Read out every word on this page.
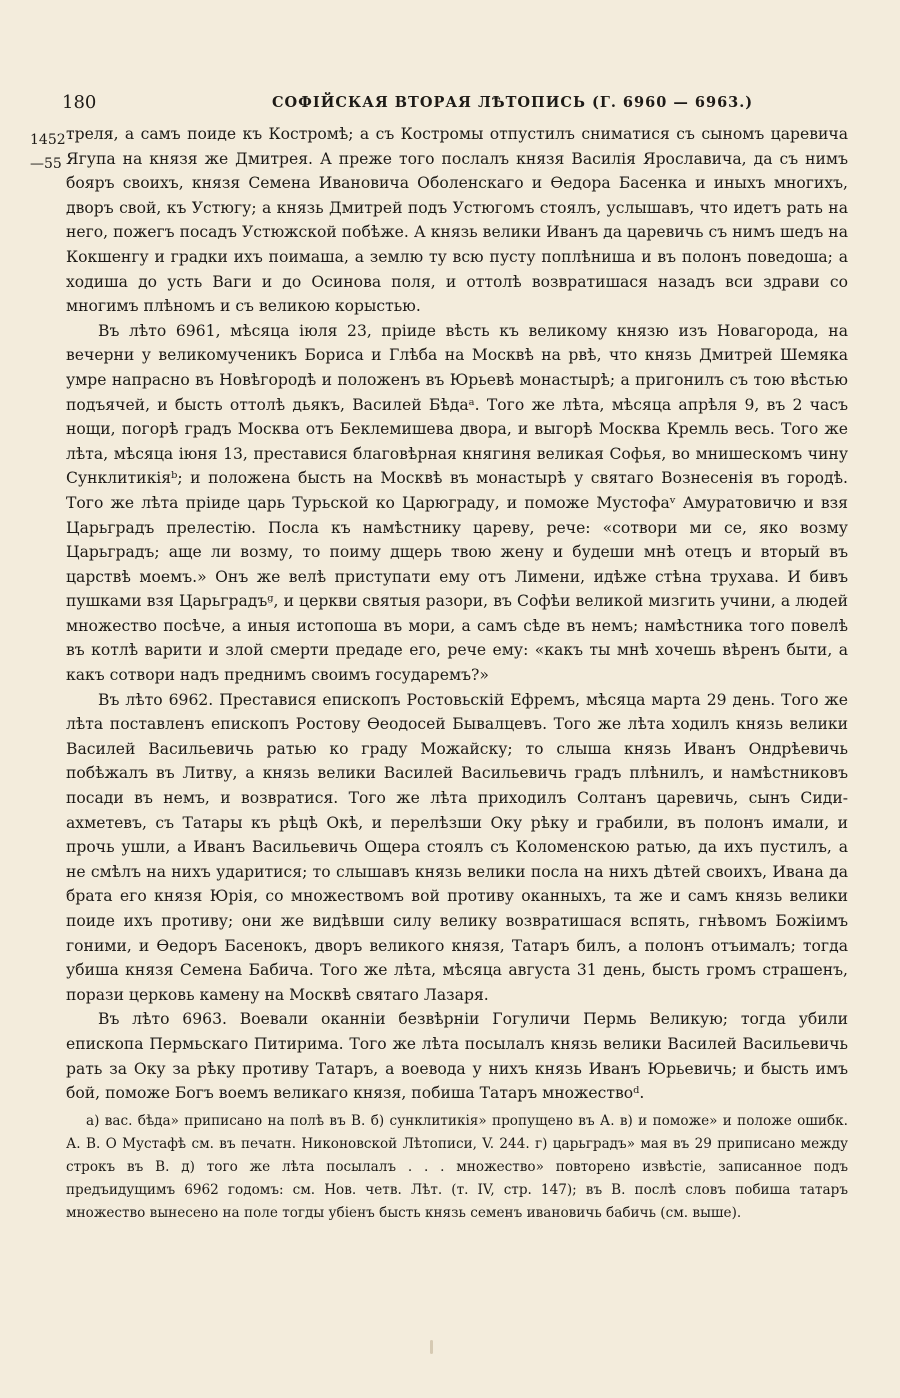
180	СОФІЙСКАЯ ВТОРАЯ ЛѢТОПИСЬ (Г. 6960 — 6963.)
1452
—55

треля, а самъ поиде къ Костромѣ; а съ Костромы отпустилъ сниматися съ сыномъ царевича Ягупа на князя же Дмитрея. А преже того послалъ князя Василія Ярославича, да съ нимъ бояръ своихъ, князя Семена Ивановича Оболенскаго и Ѳедора Басенка и иныхъ многихъ, дворъ свой, къ Устюгу; а князь Дмитрей подъ Устюгомъ стоялъ, услышавъ, что идетъ рать на него, пожегъ посадъ Устюжской побѣже. А князь велики Иванъ да царевичь съ нимъ шедъ на Кокшенгу и градки ихъ поимаша, а землю ту всю пусту поплѣниша и въ полонъ поведоша; а ходиша до усть Ваги и до Осинова поля, и оттолѣ возвратишася назадъ вси здрави со многимъ плѣномъ и съ великою корыстью.

Въ лѣто 6961, мѣсяца іюля 23, пріиде вѣсть къ великому князю изъ Новагорода, на вечерни у великомученикъ Бориса и Глѣба на Москвѣ на рвѣ, что князь Дмитрей Шемяка умре напрасно въ Новѣгородѣ и положенъ въ Юрьевѣ монастырѣ; а пригонилъ съ тою вѣстью подъячей, и бысть оттолѣ дьякъ, Василей Бѣдаᵃ. Того же лѣта, мѣсяца апрѣля 9, въ 2 часъ нощи, погорѣ градъ Москва отъ Беклемишева двора, и выгорѣ Москва Кремль весь. Того же лѣта, мѣсяца іюня 13, преставися благовѣрная княгиня великая Софья, во мнишескомъ чину Сунклитикіяᵇ; и положена бысть на Москвѣ въ монастырѣ у святаго Вознесенія въ городѣ. Того же лѣта пріиде царь Турьской ко Царюграду, и поможе Мустофаᵛ Амуратовичю и взя Царьградъ прелестію. Посла къ намѣстнику цареву, рече: «сотвори ми се, яко возму Царьградъ; аще ли возму, то поиму дщерь твою жену и будеши мнѣ отецъ и вторый въ царствѣ моемъ.» Онъ же велѣ приступати ему отъ Лимени, идѣже стѣна трухава. И бивъ пушками взя Царьградъᵍ, и церкви святыя разори, въ Софѣи великой мизгить учини, а людей множество посѣче, а иныя истопоша въ мори, а самъ сѣде въ немъ; намѣстника того повелѣ въ котлѣ варити и злой смерти предаде его, рече ему: «какъ ты мнѣ хочешь вѣренъ быти, а какъ сотвори надъ преднимъ своимъ государемъ?»

Въ лѣто 6962. Преставися епископъ Ростовьскій Ефремъ, мѣсяца марта 29 день. Того же лѣта поставленъ епископъ Ростову Ѳеодосей Бывалцевъ. Того же лѣта ходилъ князь велики Василей Васильевичь ратью ко граду Можайску; то слыша князь Иванъ Ондрѣевичь побѣжалъ въ Литву, а князь велики Василей Васильевичь градъ плѣнилъ, и намѣстниковъ посади въ немъ, и возвратися. Того же лѣта приходилъ Солтанъ царевичь, сынъ Сиди-ахметевъ, съ Татары къ рѣцѣ Окѣ, и перелѣзши Оку рѣку и грабили, въ полонъ имали, и прочь ушли, а Иванъ Васильевичь Ощера стоялъ съ Коломенскою ратью, да ихъ пустилъ, а не смѣлъ на нихъ ударитися; то слышавъ князь велики посла на нихъ дѣтей своихъ, Ивана да брата его князя Юрія, со множествомъ вой противу оканныхъ, та же и самъ князь велики поиде ихъ противу; они же видѣвши силу велику возвратишася вспять, гнѣвомъ Божіимъ гоними, и Ѳедоръ Басенокъ, дворъ великого князя, Татаръ билъ, а полонъ отъималъ; тогда убиша князя Семена Бабича. Того же лѣта, мѣсяца августа 31 день, бысть громъ страшенъ, порази церковь камену на Москвѣ святаго Лазаря.

Въ лѣто 6963. Воевали оканніи безвѣрніи Гогуличи Пермь Великую; тогда убили епископа Пермьскаго Питирима. Того же лѣта посылалъ князь велики Василей Васильевичь рать за Оку за рѣку противу Татаръ, а воевода у нихъ князь Иванъ Юрьевичь; и бысть имъ бой, поможе Богъ воемъ великаго князя, побиша Татаръ множествоᵈ.

а) вас. бѣда» приписано на полѣ въ В. б) сунклитикія» пропущено въ А. в) и поможе» и положе ошибк. А. В. О Мустафѣ см. въ печатн. Никоновской Лѣтописи, V. 244. г) царьградъ» мая въ 29 приписано между строкъ въ В. д) того же лѣта посылалъ . . . множество» повторено извѣстіе, записанное подъ предъидущимъ 6962 годомъ: см. Нов. четв. Лѣт. (т. IV, стр. 147); въ В. послѣ словъ побиша татаръ множество вынесено на поле тогды убіенъ бысть князь семенъ ивановичь бабичь (см. выше).
